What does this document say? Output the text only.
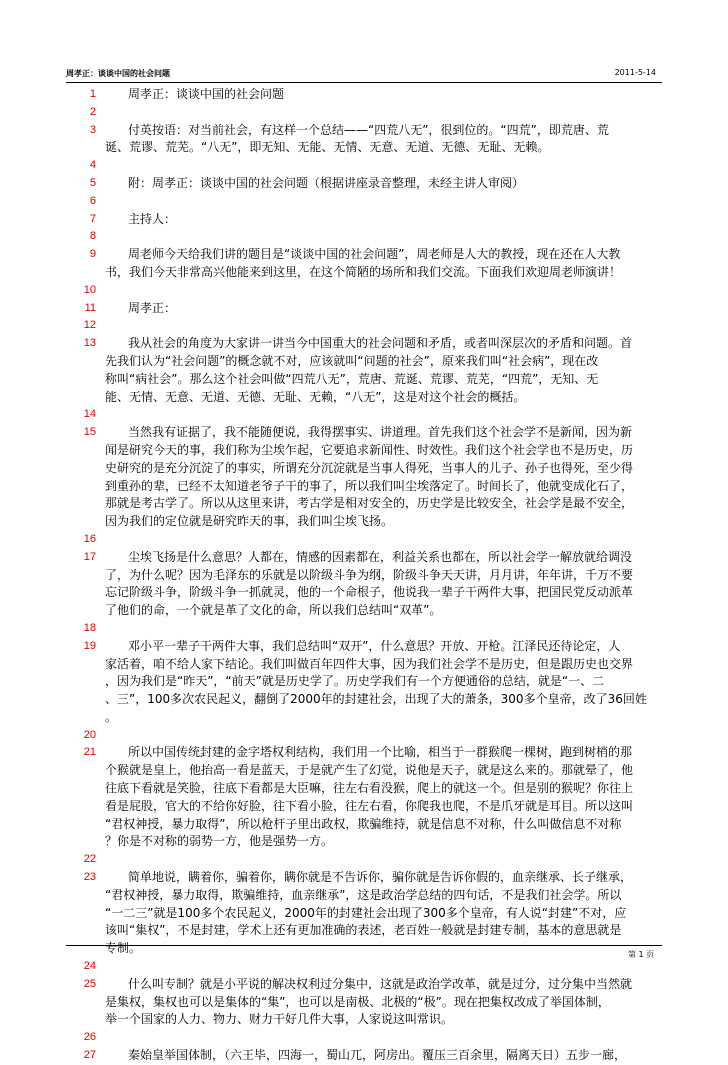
周孝正：谈谈中国的社会问题	2011-5-14
1	周孝正：谈谈中国的社会问题
2
3	付英按语：对当前社会，有这样一个总结——“四荒八无”，很到位的。“四荒”，即荒唐、荒
诞、荒谬、荒芜。“八无”，即无知、无能、无情、无意、无道、无德、无耻、无赖。
4
5	附：周孝正：谈谈中国的社会问题（根据讲座录音整理，未经主讲人审阅）
6
7	主持人：
8
9	周老师今天给我们讲的题目是“谈谈中国的社会问题”，周老师是人大的教授，现在还在人大教
书，我们今天非常高兴他能来到这里，在这个简陋的场所和我们交流。下面我们欢迎周老师演讲！
10
11	周孝正：
12
13	我从社会的角度为大家讲一讲当今中国重大的社会问题和矛盾，或者叫深层次的矛盾和问题。首
先我们认为“社会问题”的概念就不对，应该就叫“问题的社会”，原来我们叫“社会病”，现在改
称叫“病社会”。那么这个社会叫做“四荒八无”，荒唐、荒诞、荒谬、荒芜，“四荒”，无知、无
能、无情、无意、无道、无德、无耻、无赖，“八无”，这是对这个社会的概括。
14
15	当然我有证据了，我不能随便说，我得摆事实、讲道理。首先我们这个社会学不是新闻，因为新
闻是研究今天的事，我们称为尘埃乍起，它要追求新闻性、时效性。我们这个社会学也不是历史，历
史研究的是充分沉淀了的事实，所谓充分沉淀就是当事人得死，当事人的儿子、孙子也得死，至少得
到重孙的辈，已经不太知道老爷子干的事了，所以我们叫尘埃落定了。时间长了，他就变成化石了，
那就是考古学了。所以从这里来讲，考古学是相对安全的，历史学是比较安全，社会学是最不安全，
因为我们的定位就是研究昨天的事，我们叫尘埃飞扬。
16
17	尘埃飞扬是什么意思？人都在，情感的因素都在，利益关系也都在，所以社会学一解放就给调没
了，为什么呢？因为毛泽东的乐就是以阶级斗争为纲，阶级斗争天天讲，月月讲，年年讲，千万不要
忘记阶级斗争，阶级斗争一抓就灵，他的一个命根子，他说我一辈子干两件大事，把国民党反动派革
了他们的命，一个就是革了文化的命，所以我们总结叫“双革”。
18
19	邓小平一辈子干两件大事，我们总结叫“双开”，什么意思？开放、开枪。江泽民还待论定，人
家活着，咱不给人家下结论。我们叫做百年四件大事，因为我们社会学不是历史，但是跟历史也交界
，因为我们是“昨天”，“前天”就是历史学了。历史学我们有一个方便通俗的总结，就是“一、二
、三”，100多次农民起义，翻倒了2000年的封建社会，出现了大的萧条，300多个皇帝，改了36回姓
。
20
21	所以中国传统封建的金字塔权利结构，我们用一个比喻，相当于一群猴爬一棵树，跑到树梢的那
个猴就是皇上，他抬高一看是蓝天，于是就产生了幻觉，说他是天子，就是这么来的。那就晕了，他
往底下看就是笑脸，往底下看都是大臣嘛，往左右看没猴，爬上的就这一个。但是别的猴呢？你往上
看是屁股，官大的不给你好脸，往下看小脸，往左右看，你爬我也爬，不是爪牙就是耳目。所以这叫
“君权神授，暴力取得”，所以枪杆子里出政权，欺骗维持，就是信息不对称，什么叫做信息不对称
？你是不对称的弱势一方，他是强势一方。
22
23	简单地说，瞒着你，骗着你，瞒你就是不告诉你，骗你就是告诉你假的，血亲继承、长子继承，
“君权神授，暴力取得，欺骗维持，血亲继承”，这是政治学总结的四句话，不是我们社会学。所以
“一二三”就是100多个农民起义，2000年的封建社会出现了300多个皇帝，有人说“封建”不对，应
该叫“集权”，不是封建，学术上还有更加准确的表述，老百姓一般就是封建专制，基本的意思就是
专制。
24
25	什么叫专制？就是小平说的解决权利过分集中，这就是政治学改革，就是过分，过分集中当然就
是集权，集权也可以是集体的“集”，也可以是南极、北极的“极”。现在把集权改成了举国体制，
举一个国家的人力、物力、财力干好几件大事，人家说这叫常识。
26
27	秦始皇举国体制，（六王毕，四海一，蜀山兀，阿房出。覆压三百余里，隔离天日）五步一廊，
第 1 页
